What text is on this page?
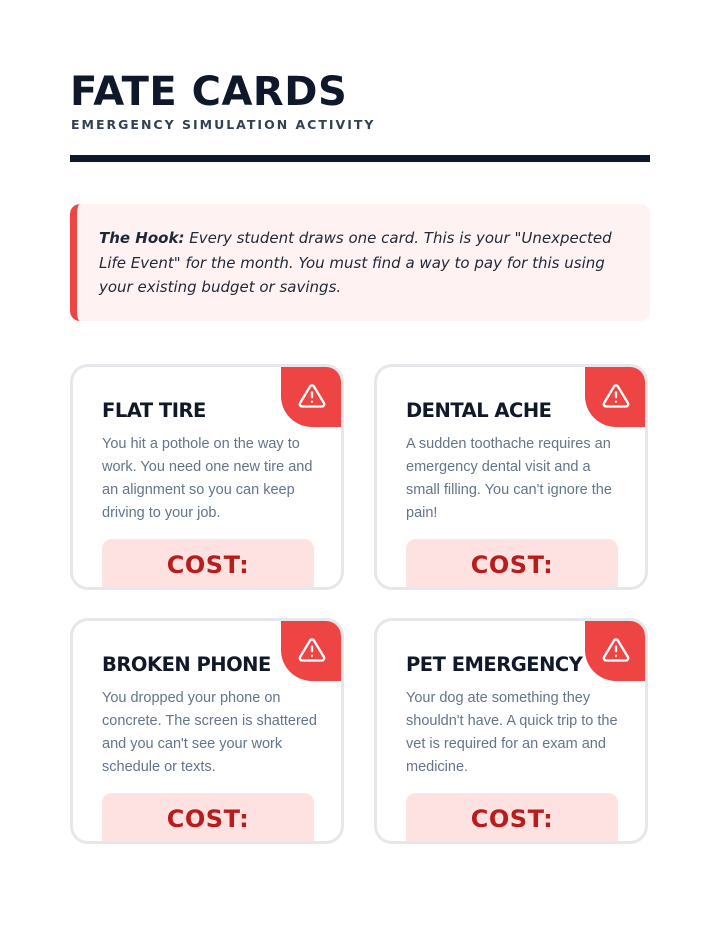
FATE CARDS
EMERGENCY SIMULATION ACTIVITY
The Hook: Every student draws one card. This is your "Unexpected Life Event" for the month. You must find a way to pay for this using your existing budget or savings.
FLAT TIRE
You hit a pothole on the way to work. You need one new tire and an alignment so you can keep driving to your job.
COST:
DENTAL ACHE
A sudden toothache requires an emergency dental visit and a small filling. You can't ignore the pain!
COST:
BROKEN PHONE
You dropped your phone on concrete. The screen is shattered and you can't see your work schedule or texts.
COST:
PET EMERGENCY
Your dog ate something they shouldn't have. A quick trip to the vet is required for an exam and medicine.
COST:
